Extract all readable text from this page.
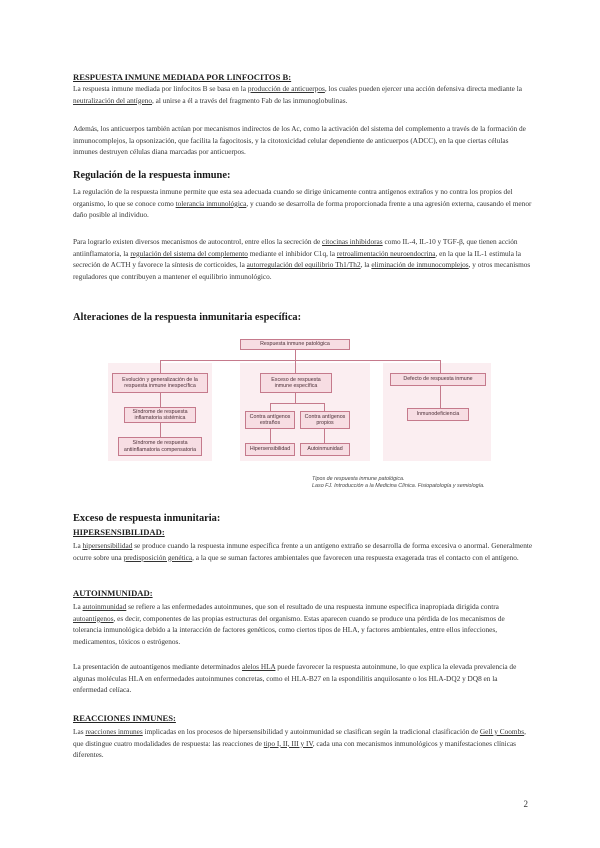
RESPUESTA INMUNE MEDIADA POR LINFOCITOS B:
La respuesta inmune mediada por linfocitos B se basa en la producción de anticuerpos, los cuales pueden ejercer una acción defensiva directa mediante la neutralización del antígeno, al unirse a él a través del fragmento Fab de las inmunoglobulinas.
Además, los anticuerpos también actúan por mecanismos indirectos de los Ac, como la activación del sistema del complemento a través de la formación de inmunocomplejos, la opsonización, que facilita la fagocitosis, y la citotoxicidad celular dependiente de anticuerpos (ADCC), en la que ciertas células inmunes destruyen células diana marcadas por anticuerpos.
Regulación de la respuesta inmune:
La regulación de la respuesta inmune permite que esta sea adecuada cuando se dirige únicamente contra antígenos extraños y no contra los propios del organismo, lo que se conoce como tolerancia inmunológica, y cuando se desarrolla de forma proporcionada frente a una agresión externa, causando el menor daño posible al individuo.
Para lograrlo existen diversos mecanismos de autocontrol, entre ellos la secreción de citocinas inhibidoras como IL-4, IL-10 y TGF-β, que tienen acción antiinflamatoria, la regulación del sistema del complemento mediante el inhibidor C1q, la retroalimentación neuroendocrina, en la que la IL-1 estimula la secreción de ACTH y favorece la síntesis de corticoides, la autorregulación del equilibrio Th1/Th2, la eliminación de inmunocomplejos, y otros mecanismos reguladores que contribuyen a mantener el equilibrio inmunológico.
Alteraciones de la respuesta inmunitaria específica:
Respuesta inmune patológica
Evolución y generalización de la respuesta inmune inespecífica
Síndrome de respuesta inflamatoria sistémica
Síndrome de respuesta antiinflamatoria compensatoria
Exceso de respuesta inmune específica
Contra antígenos extraños
Contra antígenos propios
Hipersensibilidad	Autoinmunidad
Defecto de respuesta inmune
Inmunodeficiencia
Tipos de respuesta inmune patológica.
Laso FJ. Introducción a la Medicina Clínica. Fisiopatología y semiología.
Exceso de respuesta inmunitaria:
HIPERSENSIBILIDAD:
La hipersensibilidad se produce cuando la respuesta inmune específica frente a un antígeno extraño se desarrolla de forma excesiva o anormal. Generalmente ocurre sobre una predisposición genética, a la que se suman factores ambientales que favorecen una respuesta exagerada tras el contacto con el antígeno.
AUTOINMUNIDAD:
La autoinmunidad se refiere a las enfermedades autoinmunes, que son el resultado de una respuesta inmune específica inapropiada dirigida contra autoantígenos, es decir, componentes de las propias estructuras del organismo. Estas aparecen cuando se produce una pérdida de los mecanismos de tolerancia inmunológica debido a la interacción de factores genéticos, como ciertos tipos de HLA, y factores ambientales, entre ellos infecciones, medicamentos, tóxicos o estrógenos.
La presentación de autoantígenos mediante determinados alelos HLA puede favorecer la respuesta autoinmune, lo que explica la elevada prevalencia de algunas moléculas HLA en enfermedades autoinmunes concretas, como el HLA-B27 en la espondilitis anquilosante o los HLA-DQ2 y DQ8 en la enfermedad celíaca.
REACCIONES INMUNES:
Las reacciones inmunes implicadas en los procesos de hipersensibilidad y autoinmunidad se clasifican según la tradicional clasificación de Gell y Coombs, que distingue cuatro modalidades de respuesta: las reacciones de tipo I, II, III y IV, cada una con mecanismos inmunológicos y manifestaciones clínicas diferentes.
2
